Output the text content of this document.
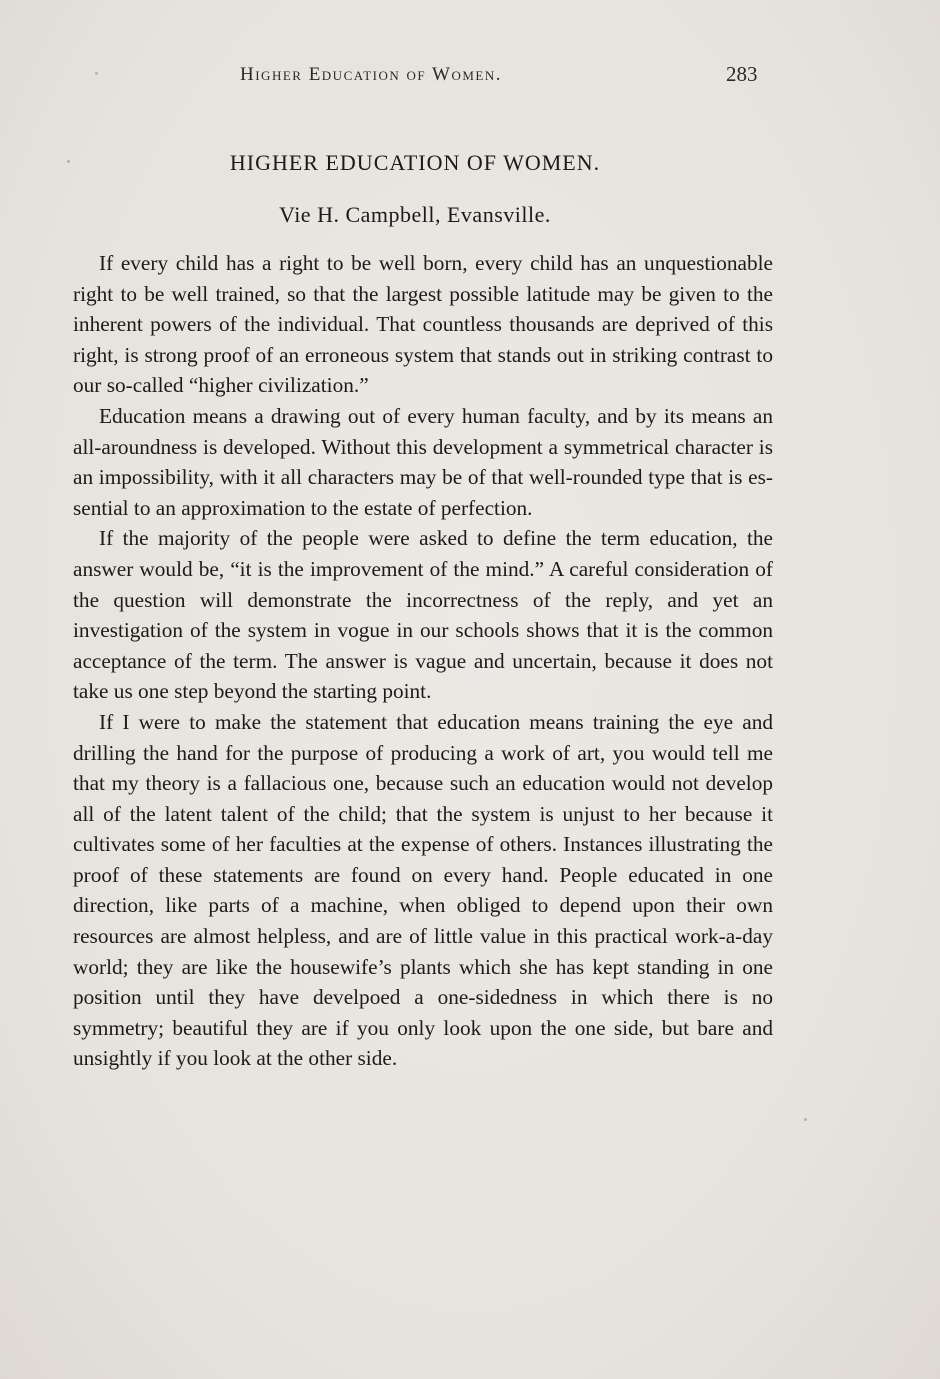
Higher Education of Women.	283
HIGHER EDUCATION OF WOMEN.
Vie H. Campbell, Evansville.

If every child has a right to be well born, every child has an unquestionable right to be well trained, so that the largest possible latitude may be given to the inherent powers of the individual. That countless thousands are deprived of this right, is strong proof of an erroneous system that stands out in striking contrast to our so-called “higher civilization.”

Education means a drawing out of every human faculty, and by its means an all-aroundness is developed. Without this development a symmetrical character is an impossibility, with it all characters may be of that well-rounded type that is essential to an approximation to the estate of perfection.

If the majority of the people were asked to define the term education, the answer would be, “it is the improvement of the mind.” A careful consideration of the question will demonstrate the incorrectness of the reply, and yet an investigation of the system in vogue in our schools shows that it is the common acceptance of the term. The answer is vague and uncertain, because it does not take us one step beyond the starting point.

If I were to make the statement that education means training the eye and drilling the hand for the purpose of producing a work of art, you would tell me that my theory is a fallacious one, because such an education would not develop all of the latent talent of the child; that the system is unjust to her because it cultivates some of her faculties at the expense of others. Instances illustrating the proof of these statements are found on every hand. People educated in one direction, like parts of a machine, when obliged to depend upon their own resources are almost helpless, and are of little value in this practical work-a-day world; they are like the housewife’s plants which she has kept standing in one position until they have develpoed a one-sidedness in which there is no symmetry; beautiful they are if you only look upon the one side, but bare and unsightly if you look at the other side.
